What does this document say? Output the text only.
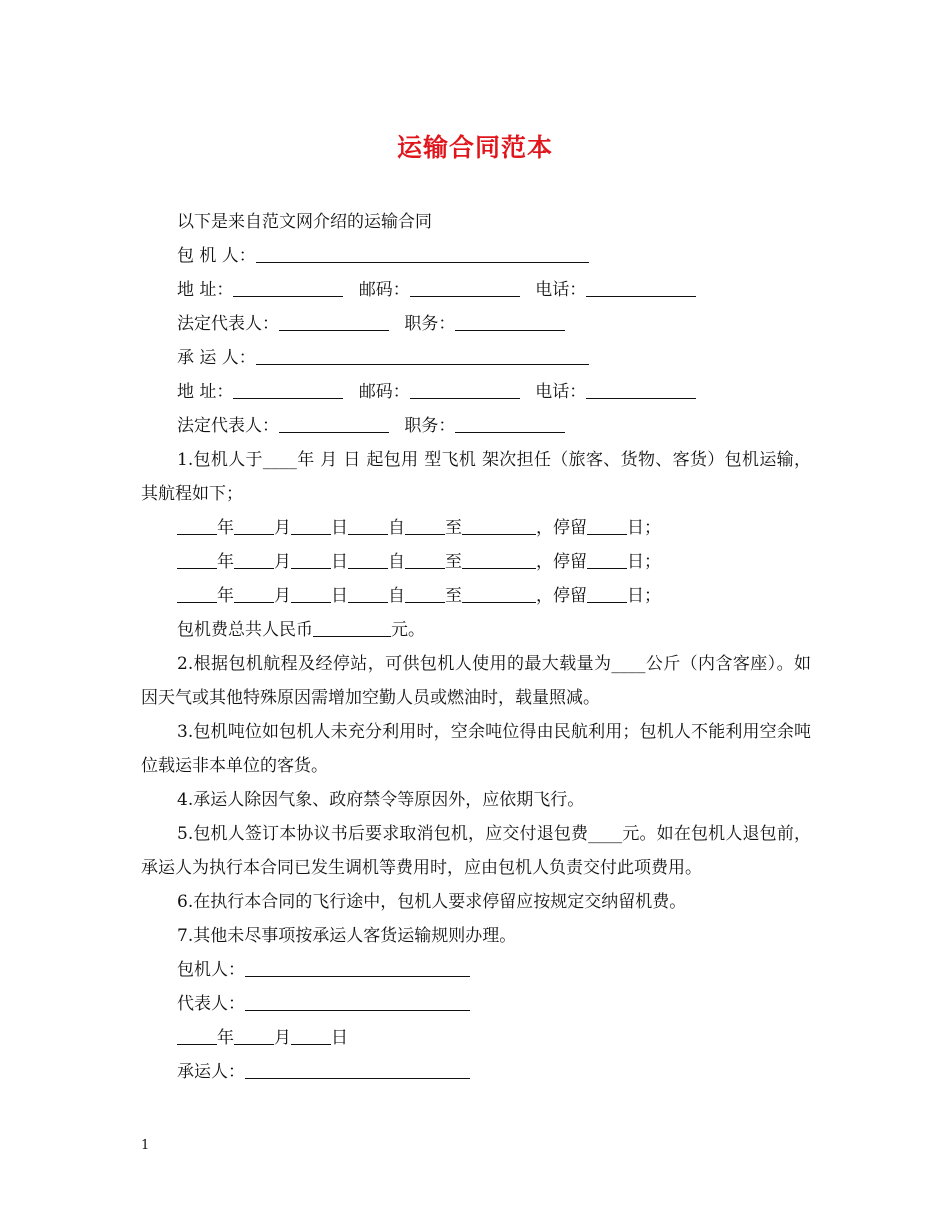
运输合同范本
以下是来自范文网介绍的运输合同
包 机 人：
地 址：	邮码：	电话：
法定代表人：	职务：
承 运 人：
地 址：	邮码：	电话：
法定代表人：	职务：
1.包机人于____年 月 日 起包用 型飞机 架次担任（旅客、货物、客货）包机运输，其航程如下；
年 月 日 自 至	，停留 日；
年 月 日 自 至	，停留 日；
年 月 日 自 至	，停留 日；
包机费总共人民币	元。
2.根据包机航程及经停站，可供包机人使用的最大载量为____公斤（内含客座）。如因天气或其他特殊原因需增加空勤人员或燃油时，载量照减。
3.包机吨位如包机人未充分利用时，空余吨位得由民航利用；包机人不能利用空余吨位载运非本单位的客货。
4.承运人除因气象、政府禁令等原因外，应依期飞行。
5.包机人签订本协议书后要求取消包机，应交付退包费____元。如在包机人退包前，承运人为执行本合同已发生调机等费用时，应由包机人负责交付此项费用。
6.在执行本合同的飞行途中，包机人要求停留应按规定交纳留机费。
7.其他未尽事项按承运人客货运输规则办理。
包机人：
代表人：
年 月 日
承运人：
1
